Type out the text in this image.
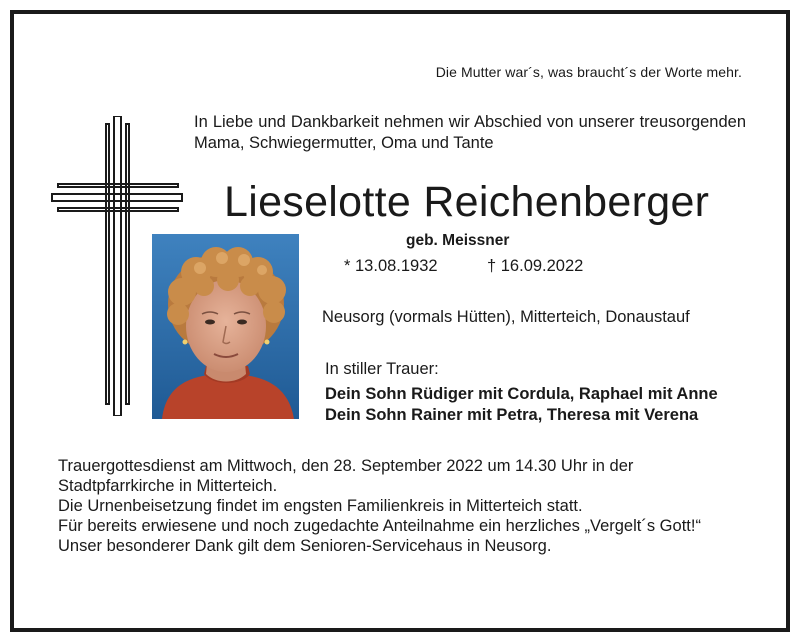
Die Mutter war´s, was braucht´s der Worte mehr.
In Liebe und Dankbarkeit nehmen wir Abschied von unserer treusorgenden Mama, Schwiegermutter, Oma und Tante
Lieselotte Reichenberger
geb. Meissner
* 13.08.1932	† 16.09.2022
Neusorg (vormals Hütten), Mitterteich, Donaustauf
In stiller Trauer:
Dein Sohn Rüdiger mit Cordula, Raphael mit Anne
Dein Sohn Rainer mit Petra, Theresa mit Verena
Trauergottesdienst am Mittwoch, den 28. September 2022 um 14.30 Uhr in der Stadtpfarrkirche in Mitterteich.
Die Urnenbeisetzung findet im engsten Familienkreis in Mitterteich statt.
Für bereits erwiesene und noch zugedachte Anteilnahme ein herzliches „Vergelt´s Gott!“
Unser besonderer Dank gilt dem Senioren-Servicehaus in Neusorg.
